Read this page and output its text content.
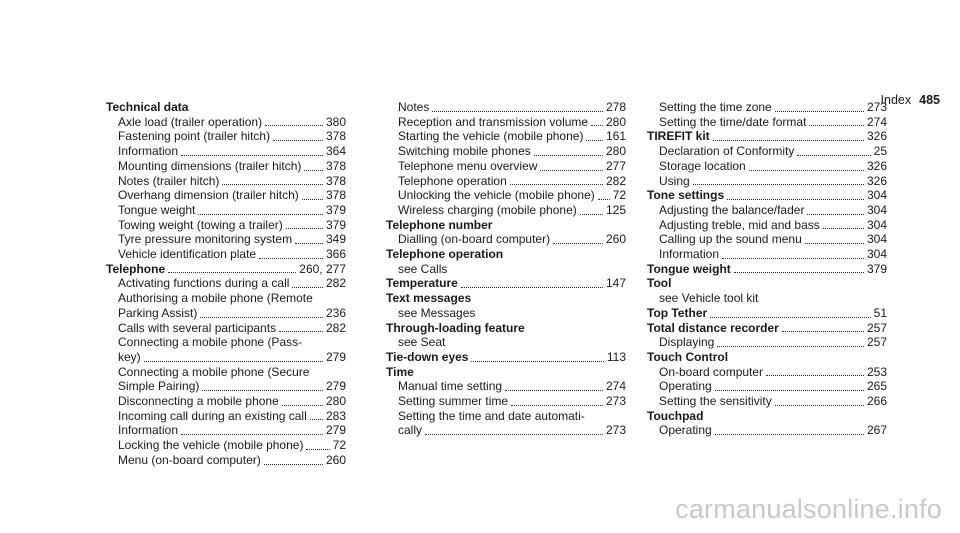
Index 485
Technical data
Axle load (trailer operation)	380
Fastening point (trailer hitch)	378
Information	364
Mounting dimensions (trailer hitch) 378
Notes (trailer hitch)	378
Overhang dimension (trailer hitch) 378
Tongue weight	379
Towing weight (towing a trailer)	379
Tyre pressure monitoring system	349
Vehicle identification plate	366
Telephone	260, 277
Activating functions during a call	282
Authorising a mobile phone (Remote
Parking Assist)	236
Calls with several participants	282
Connecting a mobile phone (Pass-
key)	279
Connecting a mobile phone (Secure
Simple Pairing)	279
Disconnecting a mobile phone	280
Incoming call during an existing call 283
Information	279
Locking the vehicle (mobile phone) 72
Menu (on-board computer)	260
Notes	278
Reception and transmission volume 280
Starting the vehicle (mobile phone) 161
Switching mobile phones	280
Telephone menu overview	277
Telephone operation	282
Unlocking the vehicle (mobile phone) 72
Wireless charging (mobile phone) 125
Telephone number
Dialling (on-board computer)	260
Telephone operation
see Calls
Temperature	147
Text messages
see Messages
Through-loading feature
see Seat
Tie-down eyes	113
Time
Manual time setting	274
Setting summer time	273
Setting the time and date automati-
cally	273
Setting the time zone	273
Setting the time/date format	274
TIREFIT kit	326
Declaration of Conformity	25
Storage location	326
Using	326
Tone settings	304
Adjusting the balance/fader	304
Adjusting treble, mid and bass	304
Calling up the sound menu	304
Information	304
Tongue weight	379
Tool
see Vehicle tool kit
Top Tether	51
Total distance recorder	257
Displaying	257
Touch Control
On-board computer	253
Operating	265
Setting the sensitivity	266
Touchpad
Operating	267
carmanualsonline.info
